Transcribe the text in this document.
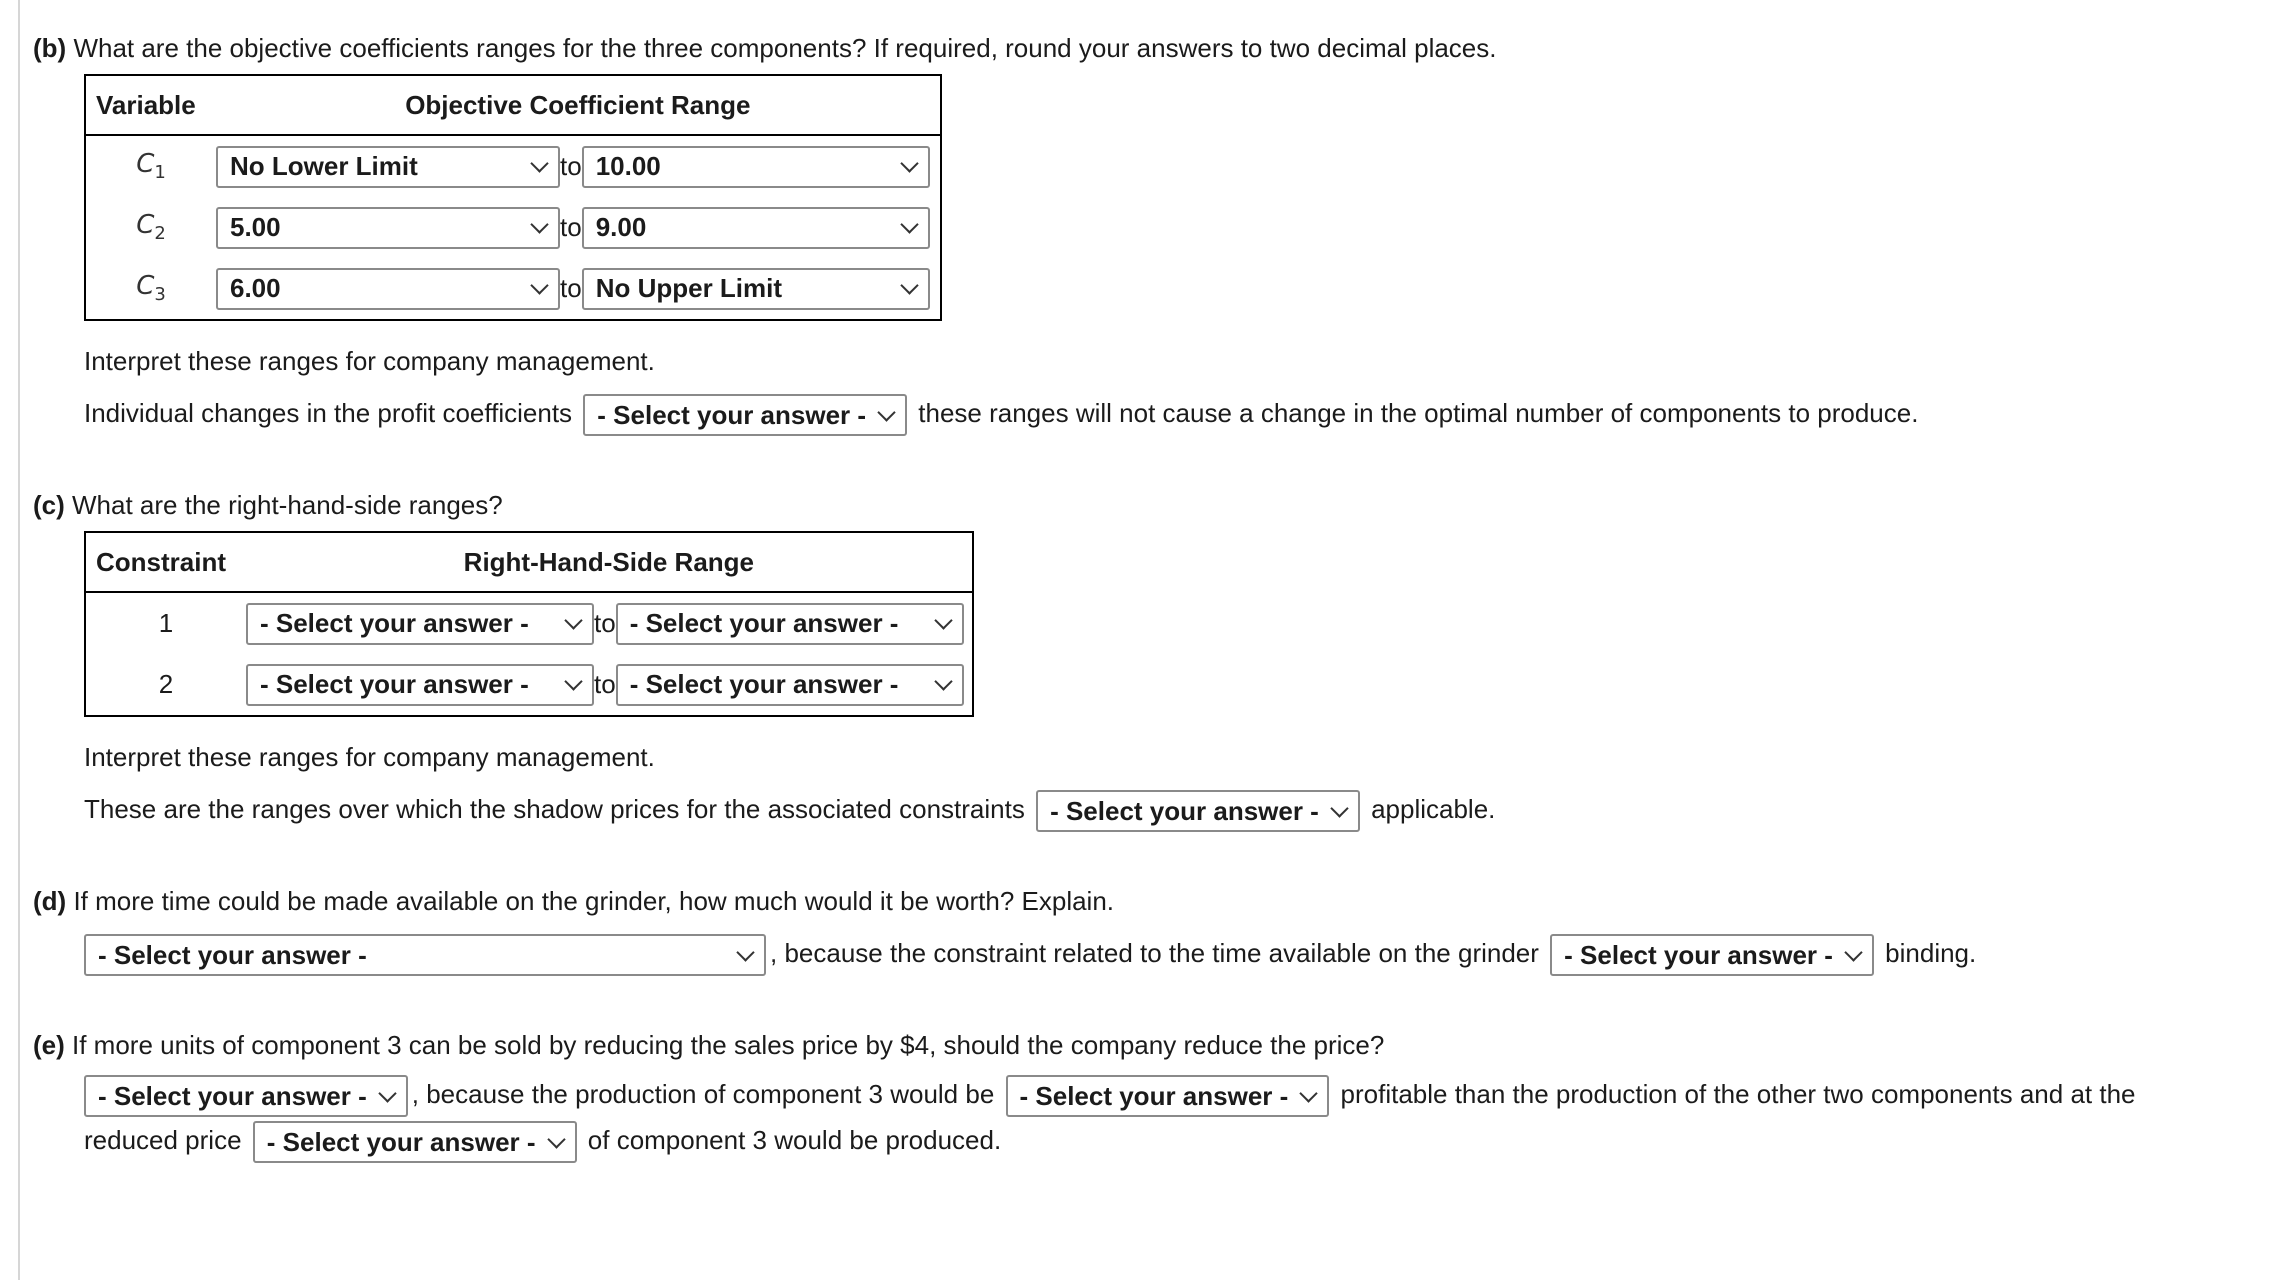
(b) What are the objective coefficients ranges for the three components? If required, round your answers to two decimal places.

Variable	Objective Coefficient Range		
$C_1$	No Lower Limit	to	10.00

$C_2$	5.00	to	9.00

$C_3$	6.00	to	No Upper Limit
Interpret these ranges for company management.
Individual changes in the profit coefficients - Select your answer - these ranges will not cause a change in the optimal number of components to produce.

(c) What are the right-hand-side ranges?

Constraint	Right-Hand-Side Range		
1	- Select your answer -	to	- Select your answer -

2	- Select your answer -	to	- Select your answer -
Interpret these ranges for company management.
These are the ranges over which the shadow prices for the associated constraints - Select your answer - applicable.

(d) If more time could be made available on the grinder, how much would it be worth? Explain.

- Select your answer -	, because the constraint related to the time available on the grinder - Select your answer - binding.

(e) If more units of component 3 can be sold by reducing the sales price by $4, should the company reduce the price?

- Select your answer - , because the production of component 3 would be - Select your answer - profitable than the production of the other two components and at the
reduced price - Select your answer - of component 3 would be produced.
